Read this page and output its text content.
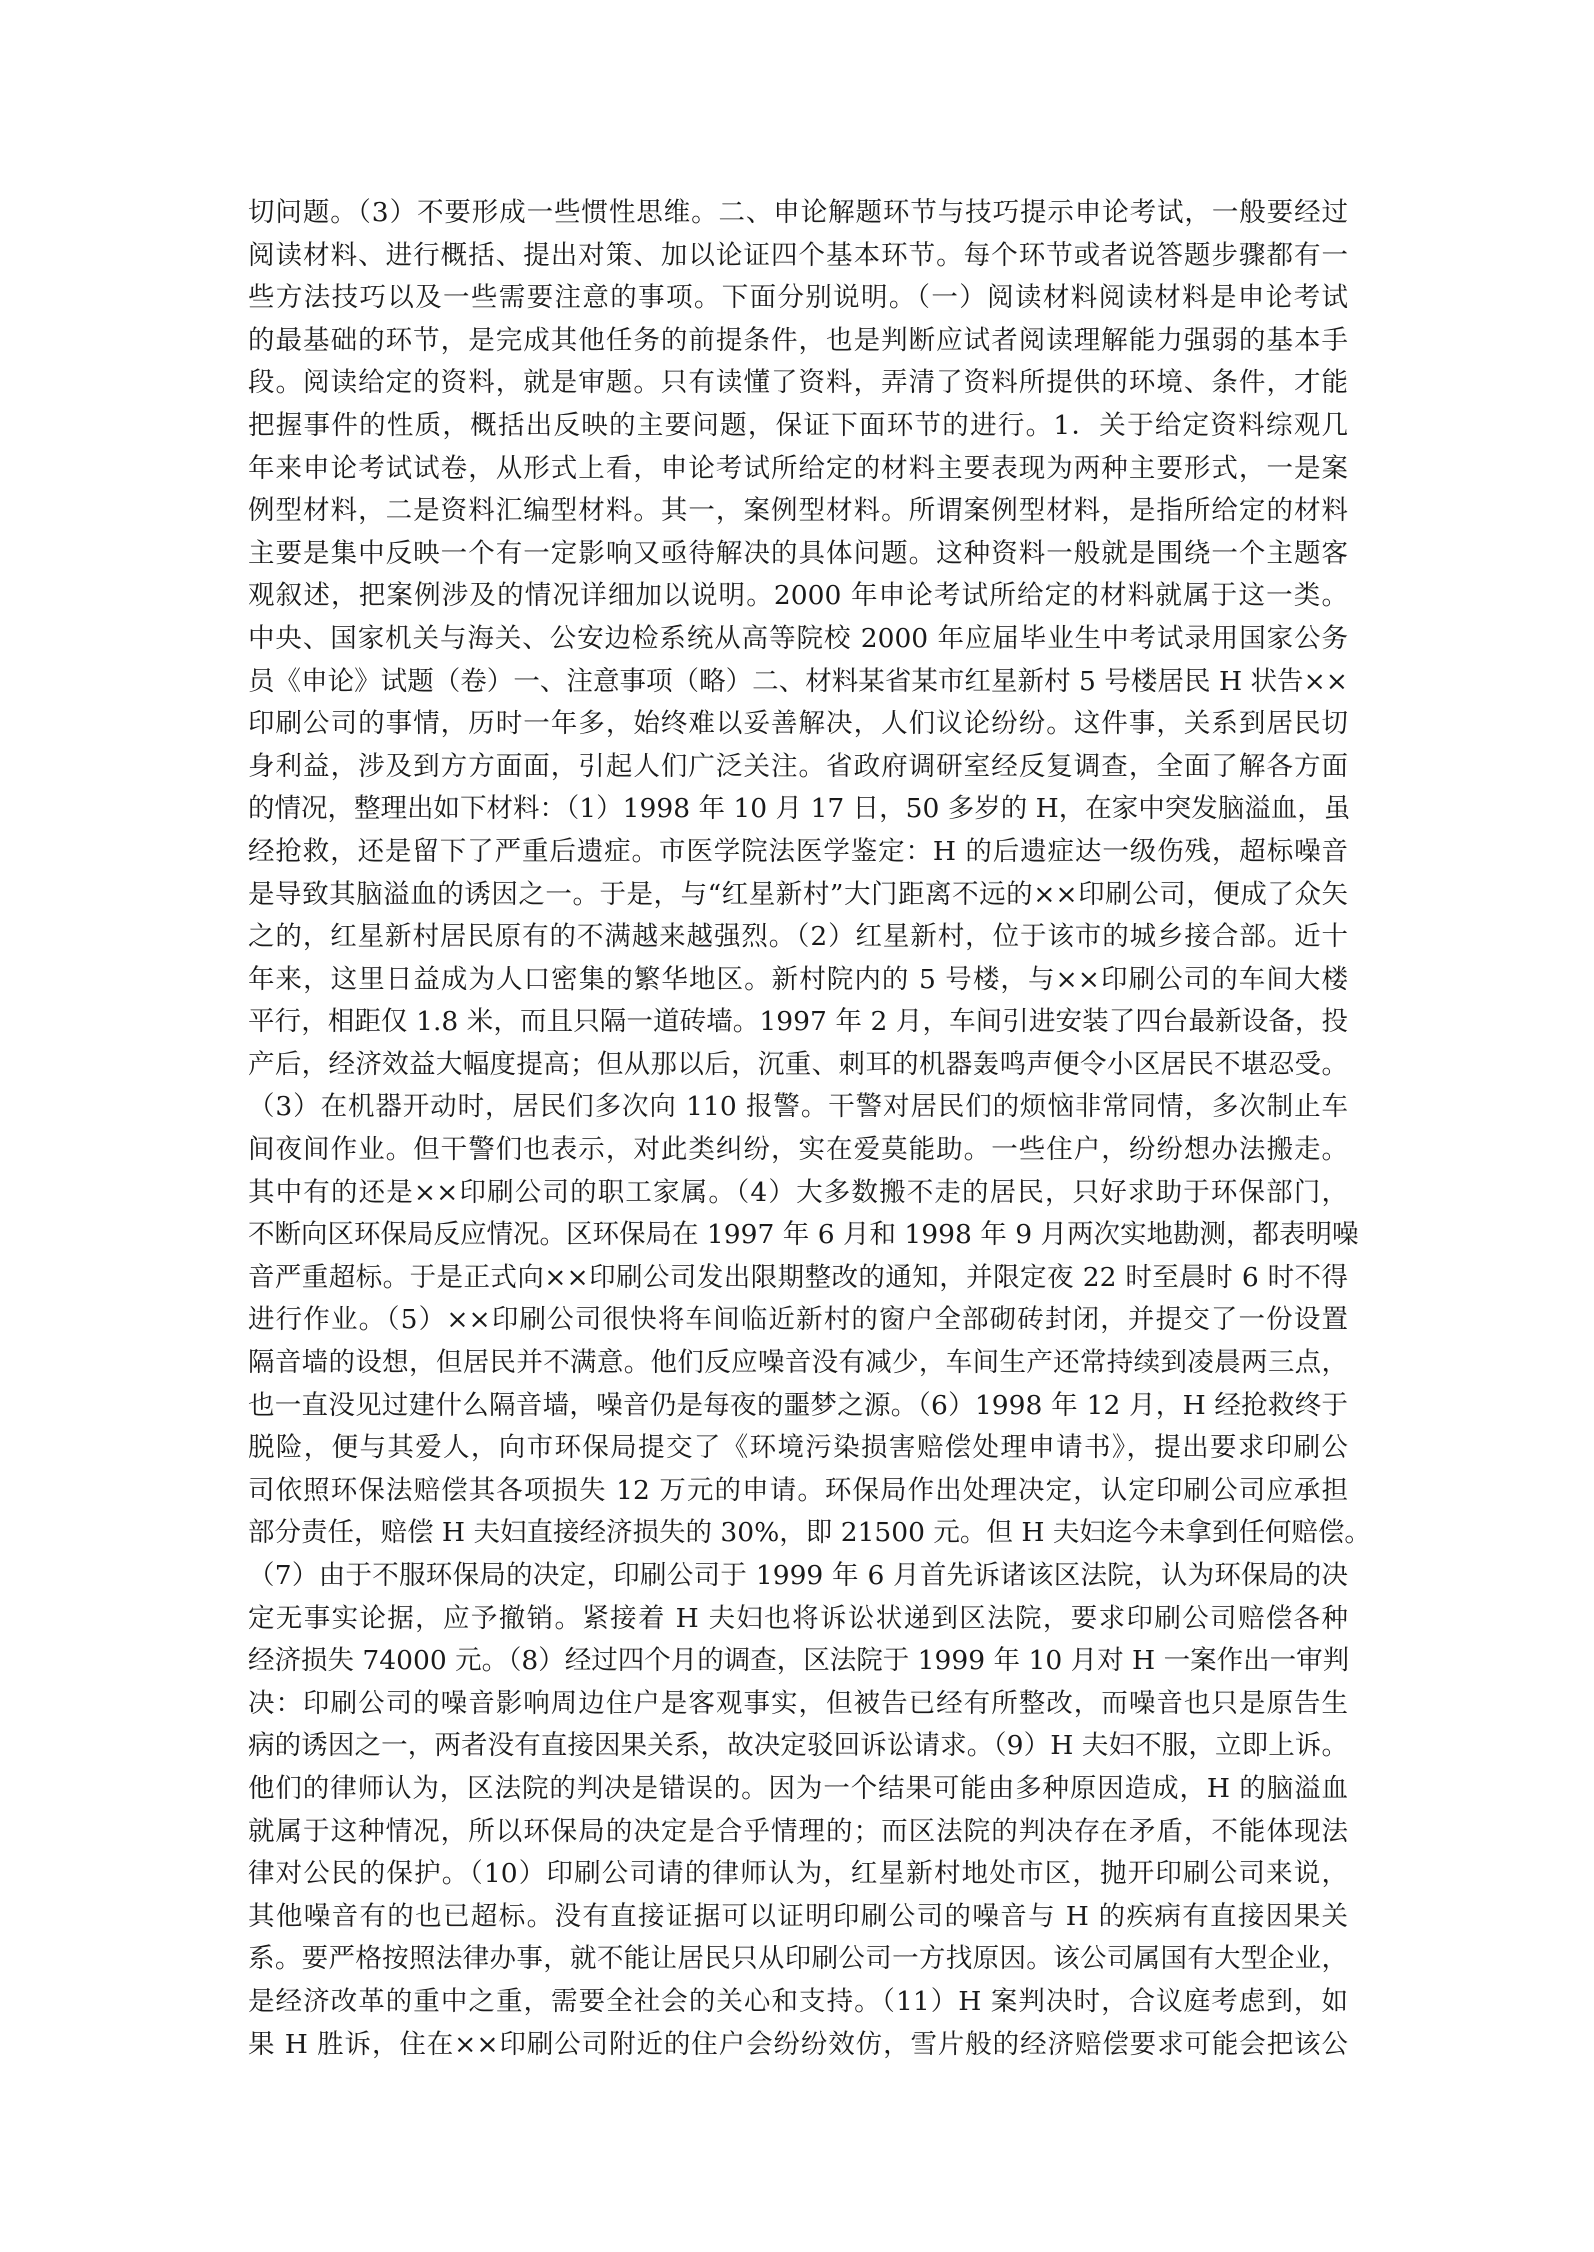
切问题。（3）不要形成一些惯性思维。二、申论解题环节与技巧提示申论考试，一般要经过
阅读材料、进行概括、提出对策、加以论证四个基本环节。每个环节或者说答题步骤都有一
些方法技巧以及一些需要注意的事项。下面分别说明。（一）阅读材料阅读材料是申论考试
的最基础的环节，是完成其他任务的前提条件，也是判断应试者阅读理解能力强弱的基本手
段。阅读给定的资料，就是审题。只有读懂了资料，弄清了资料所提供的环境、条件，才能
把握事件的性质，概括出反映的主要问题，保证下面环节的进行。1．关于给定资料综观几
年来申论考试试卷，从形式上看，申论考试所给定的材料主要表现为两种主要形式，一是案
例型材料，二是资料汇编型材料。其一，案例型材料。所谓案例型材料，是指所给定的材料
主要是集中反映一个有一定影响又亟待解决的具体问题。这种资料一般就是围绕一个主题客
观叙述，把案例涉及的情况详细加以说明。2000 年申论考试所给定的材料就属于这一类。
中央、国家机关与海关、公安边检系统从高等院校 2000 年应届毕业生中考试录用国家公务
员《申论》试题（卷）一、注意事项（略）二、材料某省某市红星新村 5 号楼居民 H 状告××
印刷公司的事情，历时一年多，始终难以妥善解决，人们议论纷纷。这件事，关系到居民切
身利益，涉及到方方面面，引起人们广泛关注。省政府调研室经反复调查，全面了解各方面
的情况，整理出如下材料：（1）1998 年 10 月 17 日，50 多岁的 H，在家中突发脑溢血，虽
经抢救，还是留下了严重后遗症。市医学院法医学鉴定：H 的后遗症达一级伤残，超标噪音
是导致其脑溢血的诱因之一。于是，与“红星新村”大门距离不远的××印刷公司，便成了众矢
之的，红星新村居民原有的不满越来越强烈。（2）红星新村，位于该市的城乡接合部。近十
年来，这里日益成为人口密集的繁华地区。新村院内的 5 号楼，与××印刷公司的车间大楼
平行，相距仅 1.8 米，而且只隔一道砖墙。1997 年 2 月，车间引进安装了四台最新设备，投
产后，经济效益大幅度提高；但从那以后，沉重、刺耳的机器轰鸣声便令小区居民不堪忍受。
（3）在机器开动时，居民们多次向 110 报警。干警对居民们的烦恼非常同情，多次制止车
间夜间作业。但干警们也表示，对此类纠纷，实在爱莫能助。一些住户，纷纷想办法搬走。
其中有的还是××印刷公司的职工家属。（4）大多数搬不走的居民，只好求助于环保部门，
不断向区环保局反应情况。区环保局在 1997 年 6 月和 1998 年 9 月两次实地勘测，都表明噪
音严重超标。于是正式向××印刷公司发出限期整改的通知，并限定夜 22 时至晨时 6 时不得
进行作业。（5）××印刷公司很快将车间临近新村的窗户全部砌砖封闭，并提交了一份设置
隔音墙的设想，但居民并不满意。他们反应噪音没有减少，车间生产还常持续到凌晨两三点，
也一直没见过建什么隔音墙，噪音仍是每夜的噩梦之源。（6）1998 年 12 月，H 经抢救终于
脱险，便与其爱人，向市环保局提交了《环境污染损害赔偿处理申请书》，提出要求印刷公
司依照环保法赔偿其各项损失 12 万元的申请。环保局作出处理决定，认定印刷公司应承担
部分责任，赔偿 H 夫妇直接经济损失的 30%，即 21500 元。但 H 夫妇迄今未拿到任何赔偿。
（7）由于不服环保局的决定，印刷公司于 1999 年 6 月首先诉诸该区法院，认为环保局的决
定无事实论据，应予撤销。紧接着 H 夫妇也将诉讼状递到区法院，要求印刷公司赔偿各种
经济损失 74000 元。（8）经过四个月的调查，区法院于 1999 年 10 月对 H 一案作出一审判
决：印刷公司的噪音影响周边住户是客观事实，但被告已经有所整改，而噪音也只是原告生
病的诱因之一，两者没有直接因果关系，故决定驳回诉讼请求。（9）H 夫妇不服，立即上诉。
他们的律师认为，区法院的判决是错误的。因为一个结果可能由多种原因造成，H 的脑溢血
就属于这种情况，所以环保局的决定是合乎情理的；而区法院的判决存在矛盾，不能体现法
律对公民的保护。（10）印刷公司请的律师认为，红星新村地处市区，抛开印刷公司来说，
其他噪音有的也已超标。没有直接证据可以证明印刷公司的噪音与 H 的疾病有直接因果关
系。要严格按照法律办事，就不能让居民只从印刷公司一方找原因。该公司属国有大型企业，
是经济改革的重中之重，需要全社会的关心和支持。（11）H 案判决时，合议庭考虑到，如
果 H 胜诉，住在××印刷公司附近的住户会纷纷效仿，雪片般的经济赔偿要求可能会把该公
